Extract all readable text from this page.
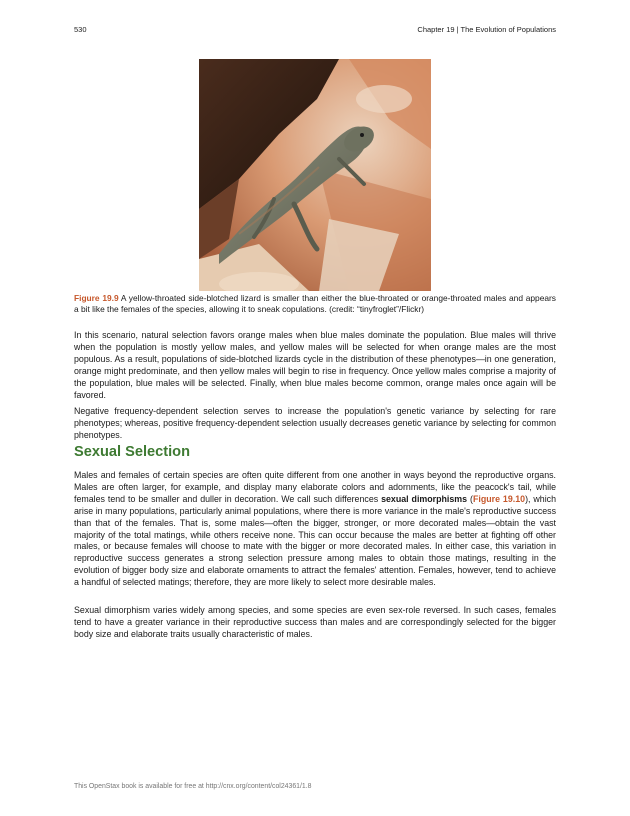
530	Chapter 19 | The Evolution of Populations

Figure 19.9 A yellow-throated side-blotched lizard is smaller than either the blue-throated or orange-throated males and appears a bit like the females of the species, allowing it to sneak copulations. (credit: “tinyfroglet”/Flickr)

In this scenario, natural selection favors orange males when blue males dominate the population. Blue males will thrive when the population is mostly yellow males, and yellow males will be selected for when orange males are the most populous. As a result, populations of side-blotched lizards cycle in the distribution of these phenotypes—in one generation, orange might predominate, and then yellow males will begin to rise in frequency. Once yellow males comprise a majority of the population, blue males will be selected. Finally, when blue males become common, orange males once again will be favored.

Negative frequency-dependent selection serves to increase the population's genetic variance by selecting for rare phenotypes; whereas, positive frequency-dependent selection usually decreases genetic variance by selecting for common phenotypes.

Sexual Selection

Males and females of certain species are often quite different from one another in ways beyond the reproductive organs. Males are often larger, for example, and display many elaborate colors and adornments, like the peacock's tail, while females tend to be smaller and duller in decoration. We call such differences sexual dimorphisms (Figure 19.10), which arise in many populations, particularly animal populations, where there is more variance in the male's reproductive success than that of the females. That is, some males—often the bigger, stronger, or more decorated males—obtain the vast majority of the total matings, while others receive none. This can occur because the males are better at fighting off other males, or because females will choose to mate with the bigger or more decorated males. In either case, this variation in reproductive success generates a strong selection pressure among males to obtain those matings, resulting in the evolution of bigger body size and elaborate ornaments to attract the females' attention. Females, however, tend to achieve a handful of selected matings; therefore, they are more likely to select more desirable males.

Sexual dimorphism varies widely among species, and some species are even sex-role reversed. In such cases, females tend to have a greater variance in their reproductive success than males and are correspondingly selected for the bigger body size and elaborate traits usually characteristic of males.

This OpenStax book is available for free at http://cnx.org/content/col24361/1.8
